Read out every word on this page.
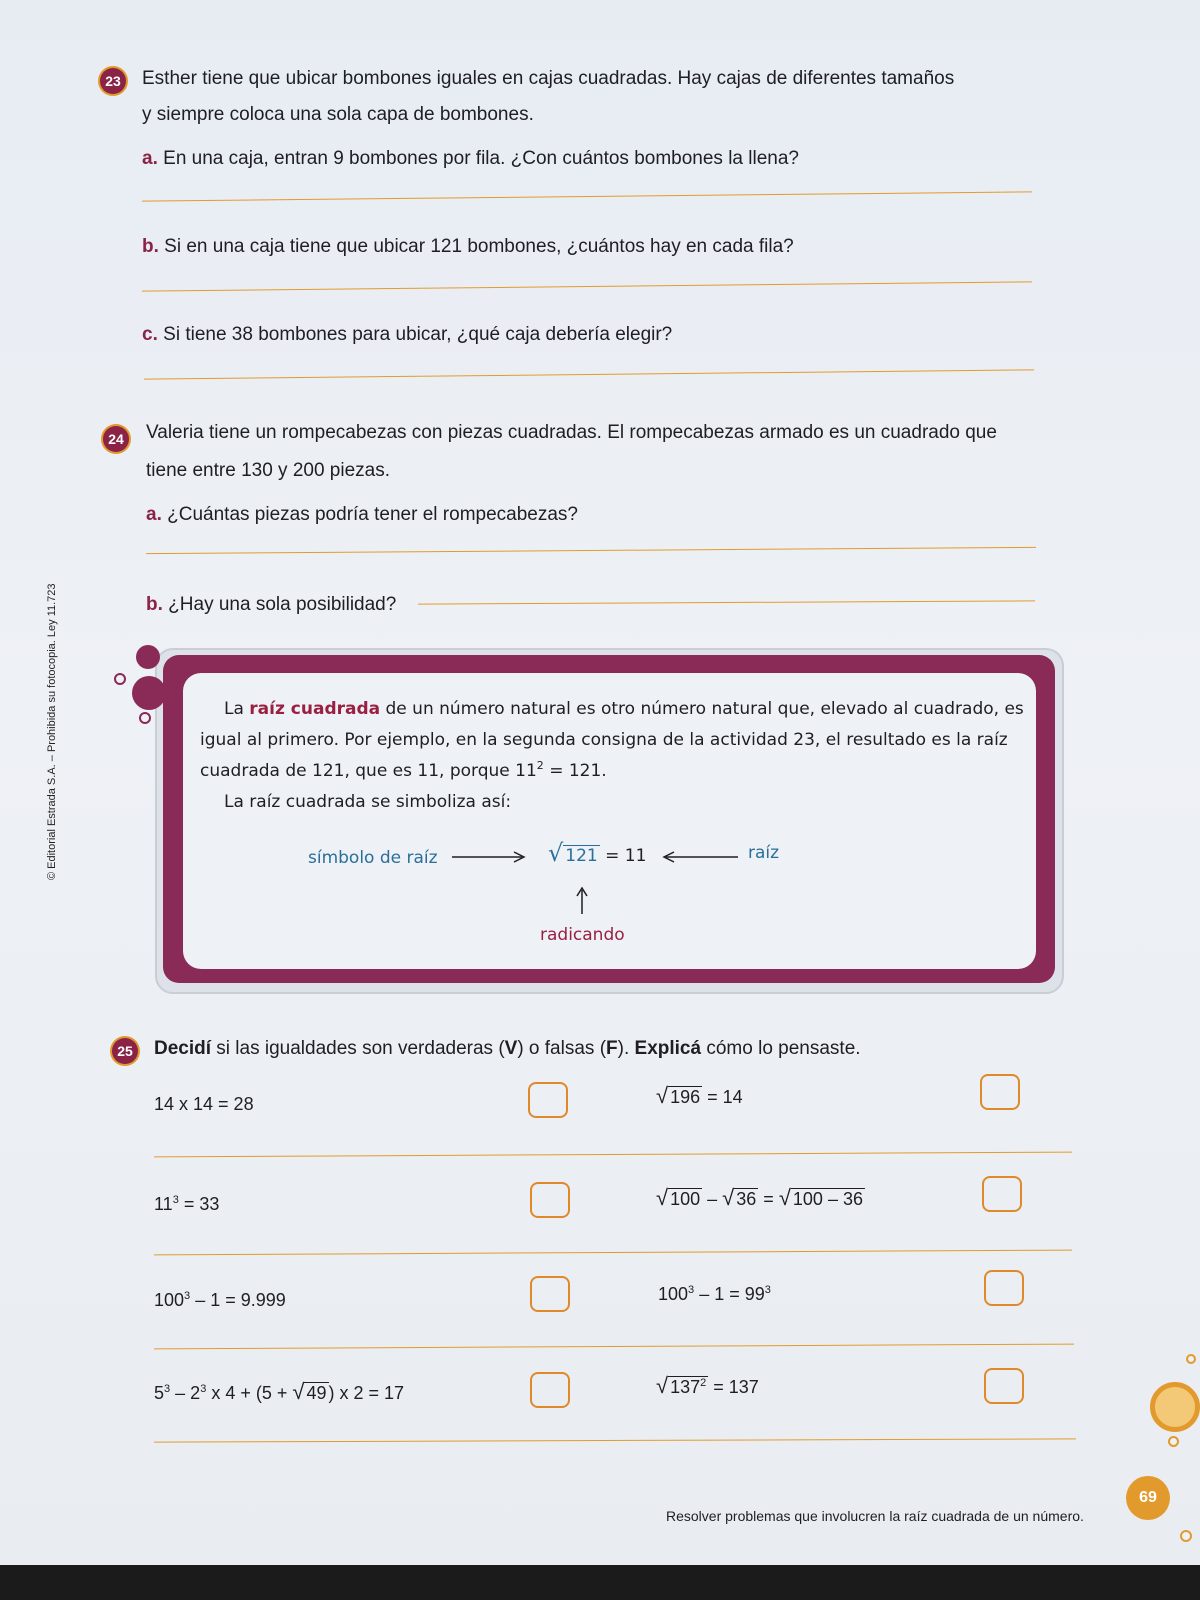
© Editorial Estrada S.A. – Prohibida su fotocopia. Ley 11.723
23 Esther tiene que ubicar bombones iguales en cajas cuadradas. Hay cajas de diferentes tamaños
y siempre coloca una sola capa de bombones.
a. En una caja, entran 9 bombones por fila. ¿Con cuántos bombones la llena?
b. Si en una caja tiene que ubicar 121 bombones, ¿cuántos hay en cada fila?
c. Si tiene 38 bombones para ubicar, ¿qué caja debería elegir?
24 Valeria tiene un rompecabezas con piezas cuadradas. El rompecabezas armado es un cuadrado que
tiene entre 130 y 200 piezas.
a. ¿Cuántas piezas podría tener el rompecabezas?
b. ¿Hay una sola posibilidad?
La raíz cuadrada de un número natural es otro número natural que, elevado al cuadrado, es
igual al primero. Por ejemplo, en la segunda consigna de la actividad 23, el resultado es la raíz
cuadrada de 121, que es 11, porque $11^2 = 121$.
La raíz cuadrada se simboliza así:
símbolo de raíz	√ 121 = 11	raíz
radicando
25 Decidí si las igualdades son verdaderas (V) o falsas (F). Explicá cómo lo pensaste.
14 x 14 = 28	√ 196 = 14
$11^3 = 33$	√ 100 – √ 36 = √ 100 – 36
$100^3 - 1 = 9.999$	$100^3 - 1 = 99^3$
$5^3 - 2^3$ x 4 + (5 + √ 49 ) x 2 = 17	√ $137^2 = 137$
Resolver problemas que involucren la raíz cuadrada de un número.
69
